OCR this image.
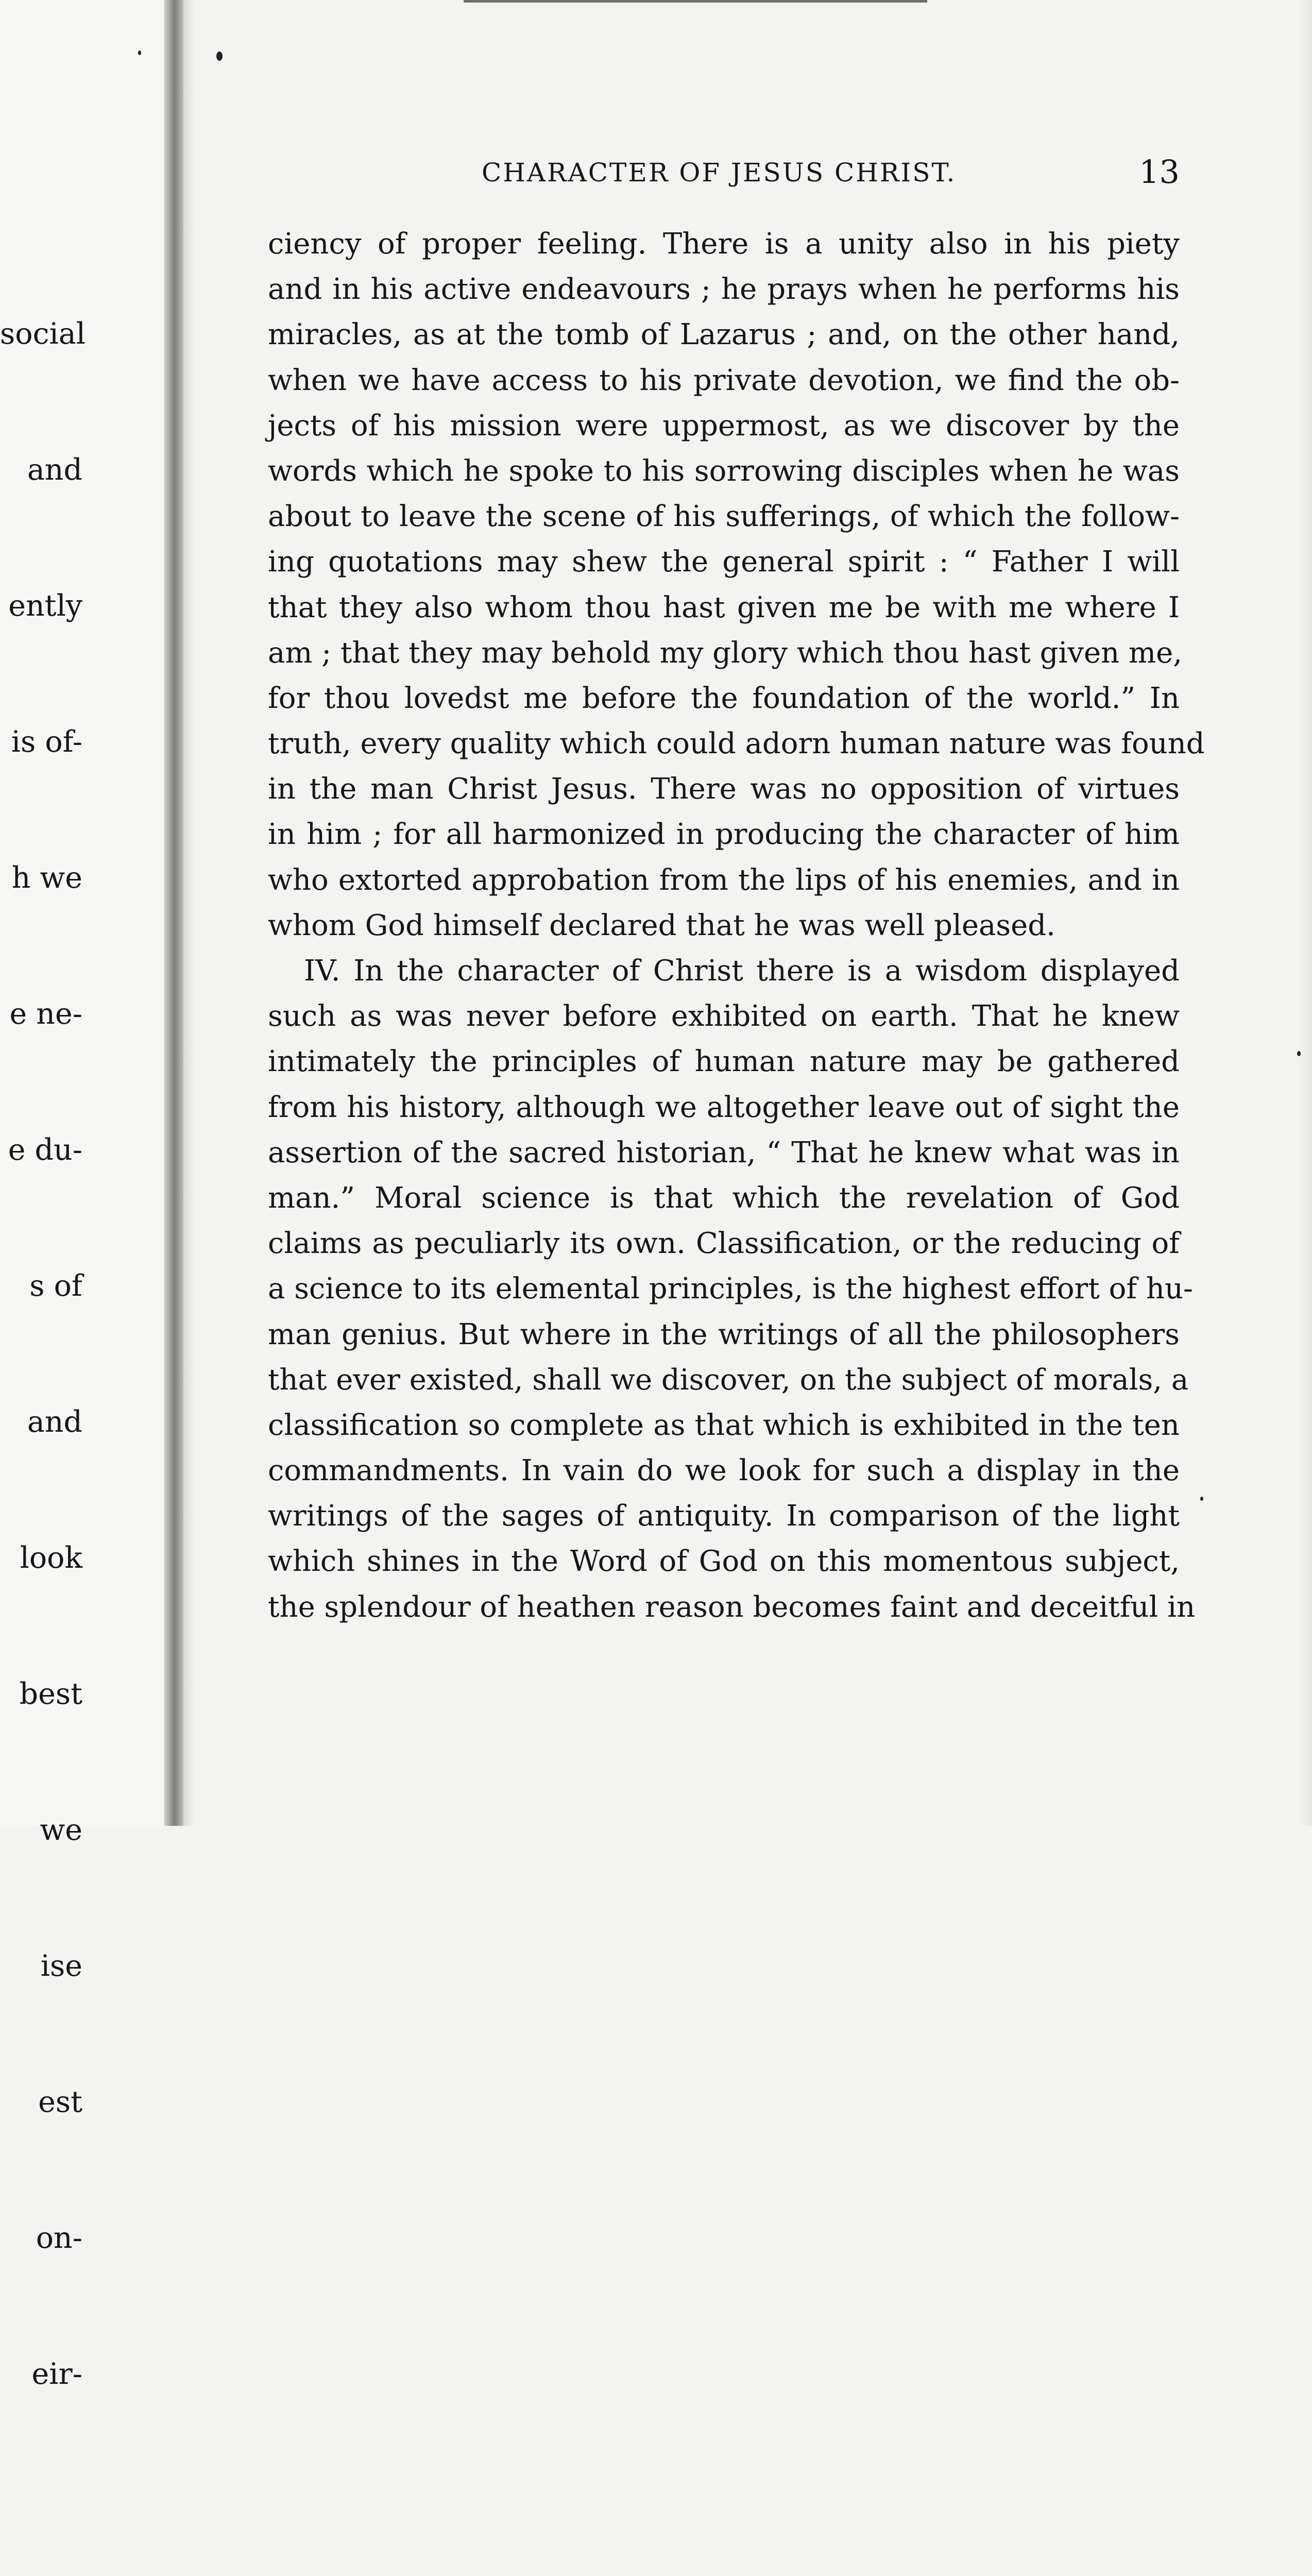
social

and

ently

is of-

h we

e ne-

e du-

s of

and

look

best

we

ise

est

on-

eir-

CHARACTER OF JESUS CHRIST.	13
ciency of proper feeling. There is a unity also in his piety
and in his active endeavours ; he prays when he performs his
miracles, as at the tomb of Lazarus ; and, on the other hand,
when we have access to his private devotion, we find the ob-
jects of his mission were uppermost, as we discover by the
words which he spoke to his sorrowing disciples when he was
about to leave the scene of his sufferings, of which the follow-
ing quotations may shew the general spirit : “ Father I will
that they also whom thou hast given me be with me where I
am ; that they may behold my glory which thou hast given me,
for thou lovedst me before the foundation of the world.” In
truth, every quality which could adorn human nature was found
in the man Christ Jesus. There was no opposition of virtues
in him ; for all harmonized in producing the character of him
who extorted approbation from the lips of his enemies, and in
whom God himself declared that he was well pleased.
IV. In the character of Christ there is a wisdom displayed
such as was never before exhibited on earth. That he knew
intimately the principles of human nature may be gathered
from his history, although we altogether leave out of sight the
assertion of the sacred historian, “ That he knew what was in
man.” Moral science is that which the revelation of God
claims as peculiarly its own. Classification, or the reducing of
a science to its elemental principles, is the highest effort of hu-
man genius. But where in the writings of all the philosophers
that ever existed, shall we discover, on the subject of morals, a
classification so complete as that which is exhibited in the ten
commandments. In vain do we look for such a display in the
writings of the sages of antiquity. In comparison of the light
which shines in the Word of God on this momentous subject,
the splendour of heathen reason becomes faint and deceitful in
